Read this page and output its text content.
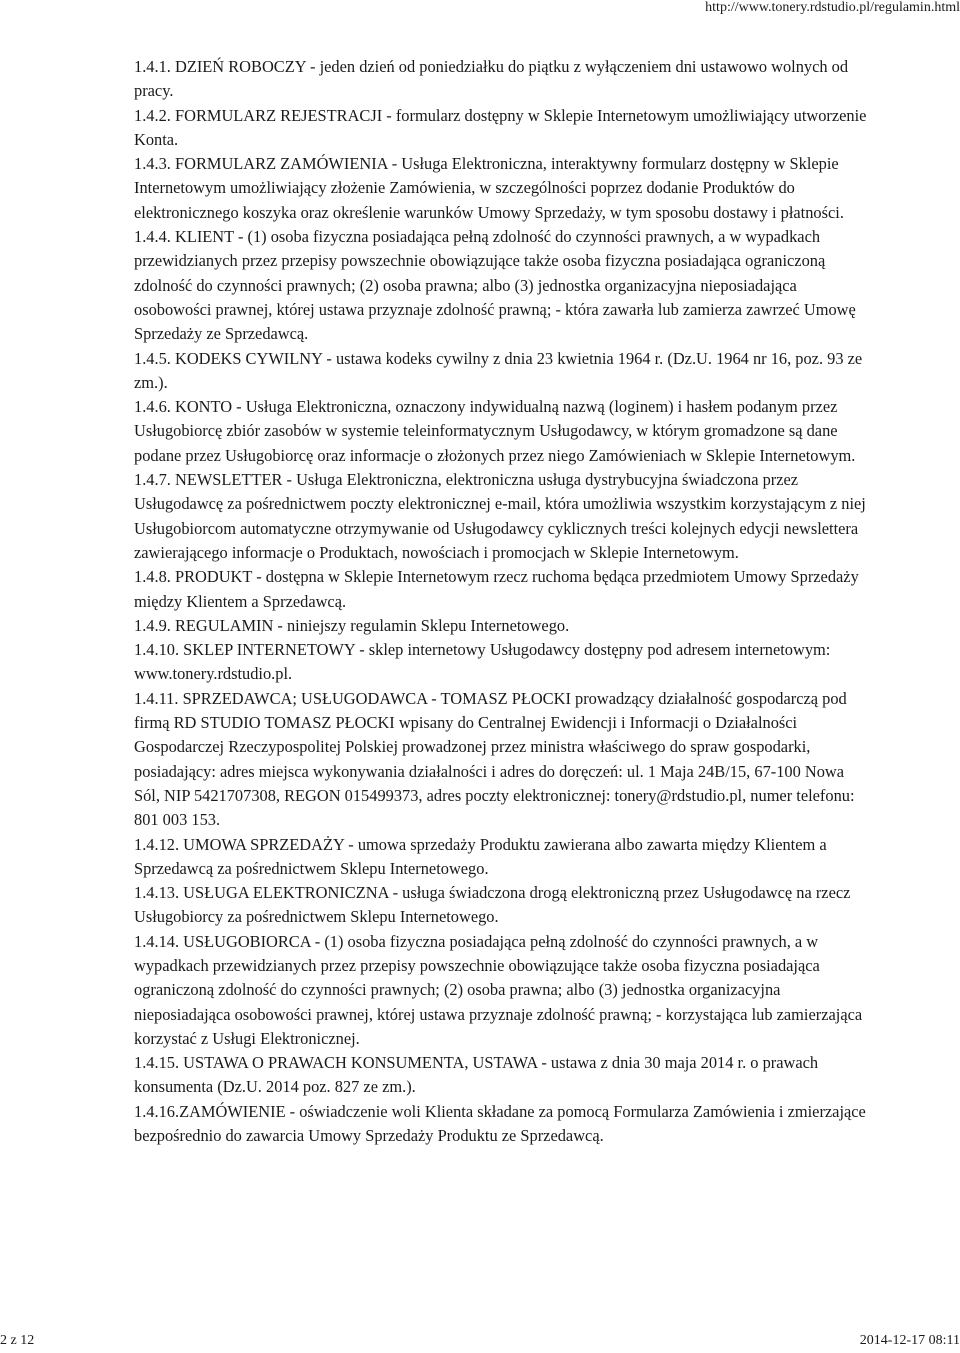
http://www.tonery.rdstudio.pl/regulamin.html

1.4.1. DZIEŃ ROBOCZY - jeden dzień od poniedziałku do piątku z wyłączeniem dni ustawowo wolnych od pracy.

1.4.2. FORMULARZ REJESTRACJI - formularz dostępny w Sklepie Internetowym umożliwiający utworzenie Konta.

1.4.3. FORMULARZ ZAMÓWIENIA - Usługa Elektroniczna, interaktywny formularz dostępny w Sklepie Internetowym umożliwiający złożenie Zamówienia, w szczególności poprzez dodanie Produktów do elektronicznego koszyka oraz określenie warunków Umowy Sprzedaży, w tym sposobu dostawy i płatności.

1.4.4. KLIENT - (1) osoba fizyczna posiadająca pełną zdolność do czynności prawnych, a w wypadkach przewidzianych przez przepisy powszechnie obowiązujące także osoba fizyczna posiadająca ograniczoną zdolność do czynności prawnych; (2) osoba prawna; albo (3) jednostka organizacyjna nieposiadająca osobowości prawnej, której ustawa przyznaje zdolność prawną; - która zawarła lub zamierza zawrzeć Umowę Sprzedaży ze Sprzedawcą.

1.4.5. KODEKS CYWILNY - ustawa kodeks cywilny z dnia 23 kwietnia 1964 r. (Dz.U. 1964 nr 16, poz. 93 ze zm.).

1.4.6. KONTO - Usługa Elektroniczna, oznaczony indywidualną nazwą (loginem) i hasłem podanym przez Usługobiorcę zbiór zasobów w systemie teleinformatycznym Usługodawcy, w którym gromadzone są dane podane przez Usługobiorcę oraz informacje o złożonych przez niego Zamówieniach w Sklepie Internetowym.

1.4.7. NEWSLETTER - Usługa Elektroniczna, elektroniczna usługa dystrybucyjna świadczona przez Usługodawcę za pośrednictwem poczty elektronicznej e-mail, która umożliwia wszystkim korzystającym z niej Usługobiorcom automatyczne otrzymywanie od Usługodawcy cyklicznych treści kolejnych edycji newslettera zawierającego informacje o Produktach, nowościach i promocjach w Sklepie Internetowym.

1.4.8. PRODUKT - dostępna w Sklepie Internetowym rzecz ruchoma będąca przedmiotem Umowy Sprzedaży między Klientem a Sprzedawcą.

1.4.9. REGULAMIN - niniejszy regulamin Sklepu Internetowego.

1.4.10. SKLEP INTERNETOWY - sklep internetowy Usługodawcy dostępny pod adresem internetowym: www.tonery.rdstudio.pl.

1.4.11. SPRZEDAWCA; USŁUGODAWCA - TOMASZ PŁOCKI prowadzący działalność gospodarczą pod firmą RD STUDIO TOMASZ PŁOCKI wpisany do Centralnej Ewidencji i Informacji o Działalności Gospodarczej Rzeczypospolitej Polskiej prowadzonej przez ministra właściwego do spraw gospodarki, posiadający: adres miejsca wykonywania działalności i adres do doręczeń: ul. 1 Maja 24B/15, 67-100 Nowa Sól, NIP 5421707308, REGON 015499373, adres poczty elektronicznej: tonery@rdstudio.pl, numer telefonu: 801 003 153.

1.4.12. UMOWA SPRZEDAŻY - umowa sprzedaży Produktu zawierana albo zawarta między Klientem a Sprzedawcą za pośrednictwem Sklepu Internetowego.

1.4.13. USŁUGA ELEKTRONICZNA - usługa świadczona drogą elektroniczną przez Usługodawcę na rzecz Usługobiorcy za pośrednictwem Sklepu Internetowego.

1.4.14. USŁUGOBIORCA - (1) osoba fizyczna posiadająca pełną zdolność do czynności prawnych, a w wypadkach przewidzianych przez przepisy powszechnie obowiązujące także osoba fizyczna posiadająca ograniczoną zdolność do czynności prawnych; (2) osoba prawna; albo (3) jednostka organizacyjna nieposiadająca osobowości prawnej, której ustawa przyznaje zdolność prawną; - korzystająca lub zamierzająca korzystać z Usługi Elektronicznej.

1.4.15. USTAWA O PRAWACH KONSUMENTA, USTAWA - ustawa z dnia 30 maja 2014 r. o prawach konsumenta (Dz.U. 2014 poz. 827 ze zm.).

1.4.16.ZAMÓWIENIE - oświadczenie woli Klienta składane za pomocą Formularza Zamówienia i zmierzające bezpośrednio do zawarcia Umowy Sprzedaży Produktu ze Sprzedawcą.

2 z 12	2014-12-17 08:11
